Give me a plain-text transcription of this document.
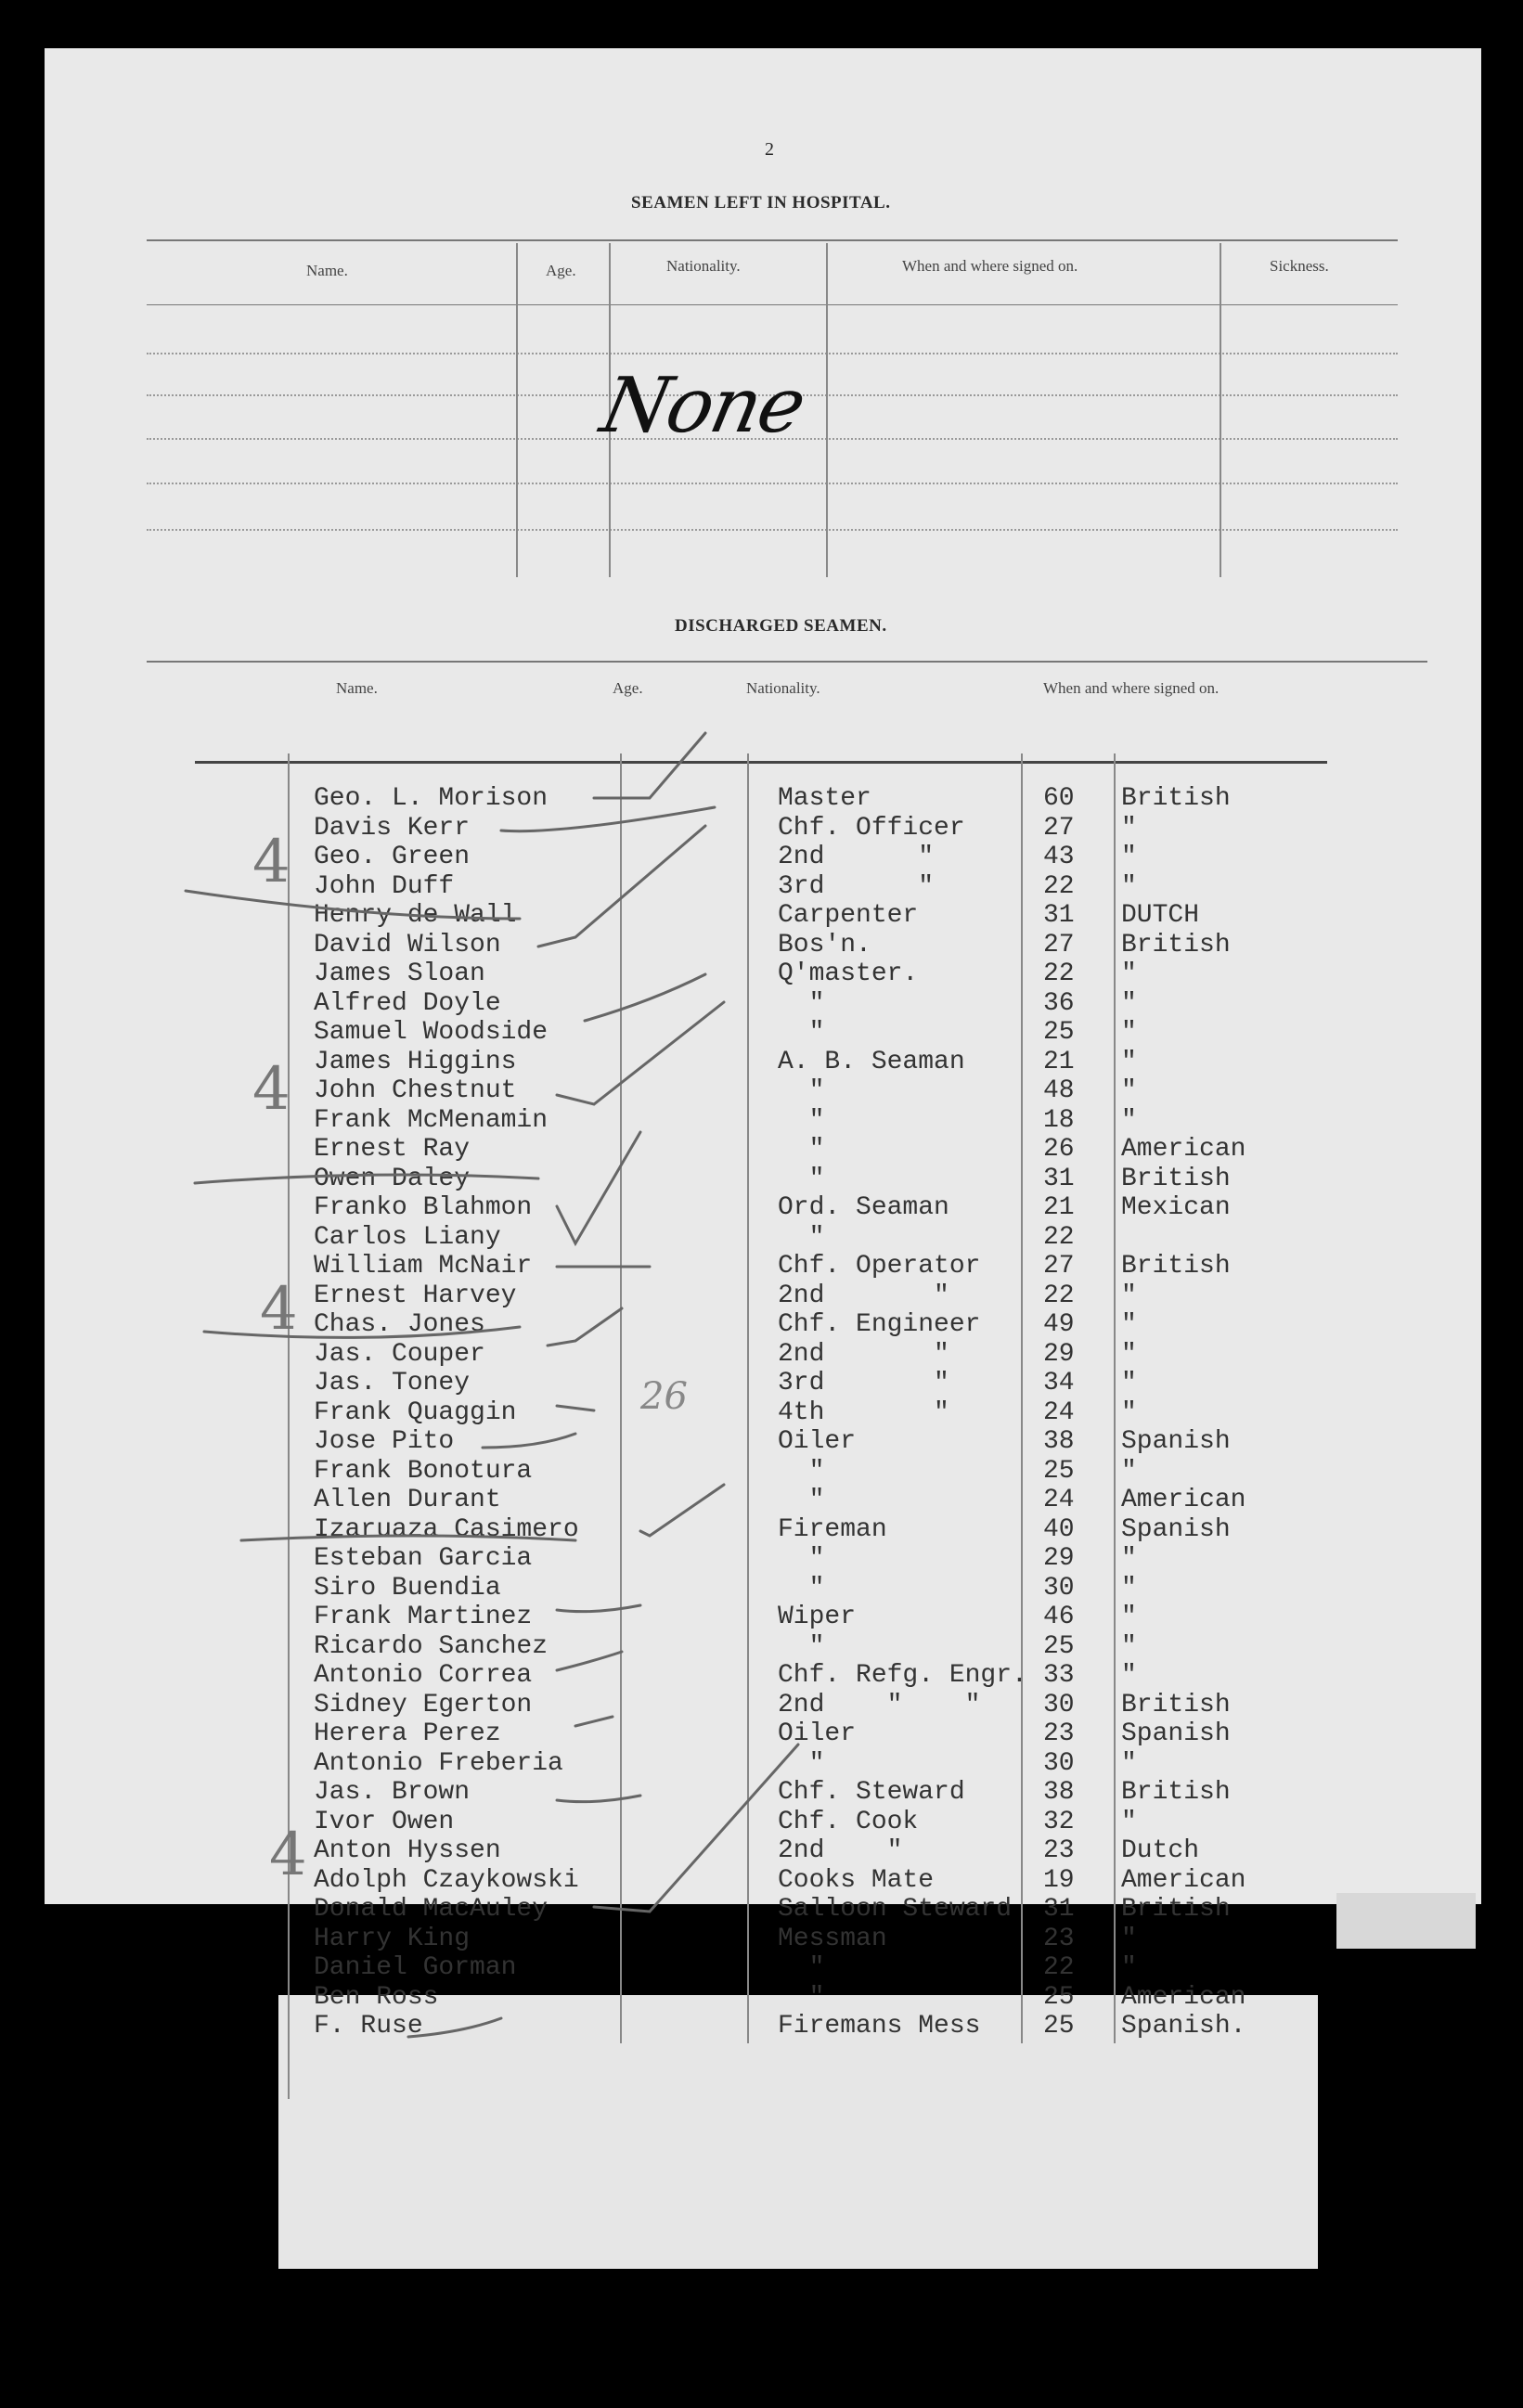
2
SEAMEN LEFT IN HOSPITAL.
Name.	Age.	Nationality.	When and where signed on.	Sickness.
None
DISCHARGED SEAMEN.
Name.	Age.	Nationality.	When and where signed on.
Geo. L. Morison	Master	60 British
Davis Kerr	Chf. Officer	27 "
Geo. Green	2nd      "	43 "
John Duff	3rd      "	22 "
Henry de Wall	Carpenter	31 DUTCH
David Wilson	Bos'n.	27 British
James Sloan	Q'master.	22 "
Alfred Doyle	"	36 "
Samuel Woodside	"	25 "
James Higgins	A. B. Seaman	21 "
John Chestnut	"	48 "
Frank McMenamin	"	18 "
Ernest Ray	"	26 American
Owen Daley	"	31 British
Franko Blahmon	Ord. Seaman	21 Mexican
Carlos Liany	"	22
William McNair	Chf. Operator 27 British
Ernest Harvey	2nd       "	22 "
Chas. Jones	Chf. Engineer 49 "
Jas. Couper	2nd       "	29 "
Jas. Toney	3rd       "	34 "
Frank Quaggin	4th       "	24 "
Jose Pito	Oiler	38 Spanish
Frank Bonotura	"	25 "
Allen Durant	"	24 American
Izaruaza Casimero	Fireman	40 Spanish
Esteban Garcia	"	29 "
Siro Buendia	"	30 "
Frank Martinez	Wiper	46 "
Ricardo Sanchez	"	25 "
Antonio Correa	Chf. Refg. Engr. 33 "
Sidney Egerton	2nd    "    " 30 British
Herera Perez	Oiler	23 Spanish
Antonio Freberia	"	30 "
Jas. Brown	Chf. Steward	38 British
Ivor Owen	Chf. Cook	32 "
Anton Hyssen	2nd    "	23 Dutch
Adolph Czaykowski	Cooks Mate	19 American
Donald MacAuley	Salloon Steward 31 British
Harry King	Messman	23 "
Daniel Gorman	"	22 "
Ben Ross	"	25 American
F. Ruse	Firemans Mess 25 Spanish.
4
4
4
4
26
